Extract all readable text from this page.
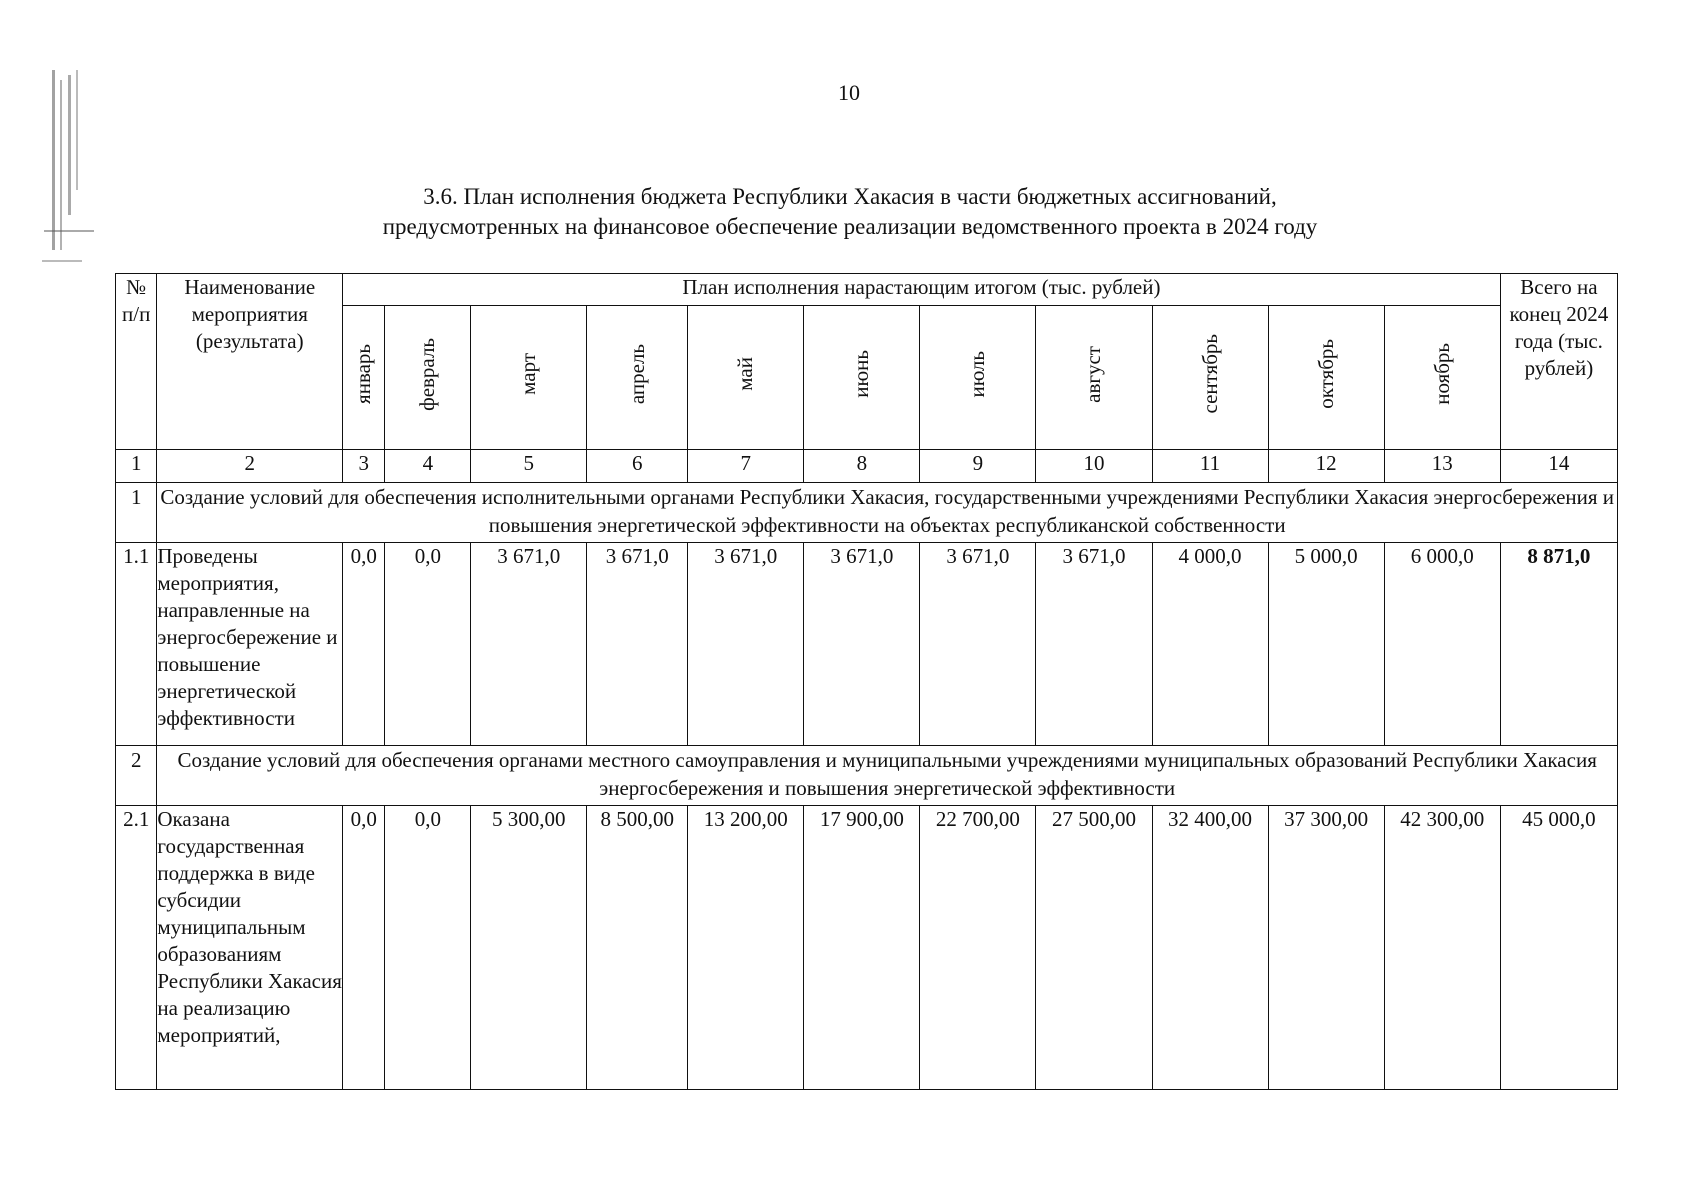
10
3.6. План исполнения бюджета Республики Хакасия в части бюджетных ассигнований,
предусмотренных на финансовое обеспечение реализации ведомственного проекта в 2024 году
№ п/п	Наименование мероприятия (результата)	План исполнения нарастающим итогом (тыс. рублей)											Всего на конец 2024 года (тыс. рублей)
		январь	февраль	март	апрель	май	июнь	июль	август	сентябрь	октябрь	ноябрь	
1	2	3	4	5	6	7	8	9	10	11	12	13	14
1	Создание условий для обеспечения исполнительными органами Республики Хакасия, государственными учреждениями Республики Хакасия энергосбережения и повышения энергетической эффективности на объектах республиканской собственности												
1.1	Проведены мероприятия, направленные на энергосбережение и повышение энергетической эффективности	0,0	0,0	3 671,0	3 671,0	3 671,0	3 671,0	3 671,0	3 671,0	4 000,0	5 000,0	6 000,0	8 871,0
2	Создание условий для обеспечения органами местного самоуправления и муниципальными учреждениями муниципальных образований Республики Хакасия энергосбережения и повышения энергетической эффективности												
2.1	Оказана государственная поддержка в виде субсидии муниципальным образованиям Республики Хакасия на реализацию мероприятий,	0,0	0,0	5 300,00	8 500,00	13 200,00	17 900,00	22 700,00	27 500,00	32 400,00	37 300,00	42 300,00	45 000,0
